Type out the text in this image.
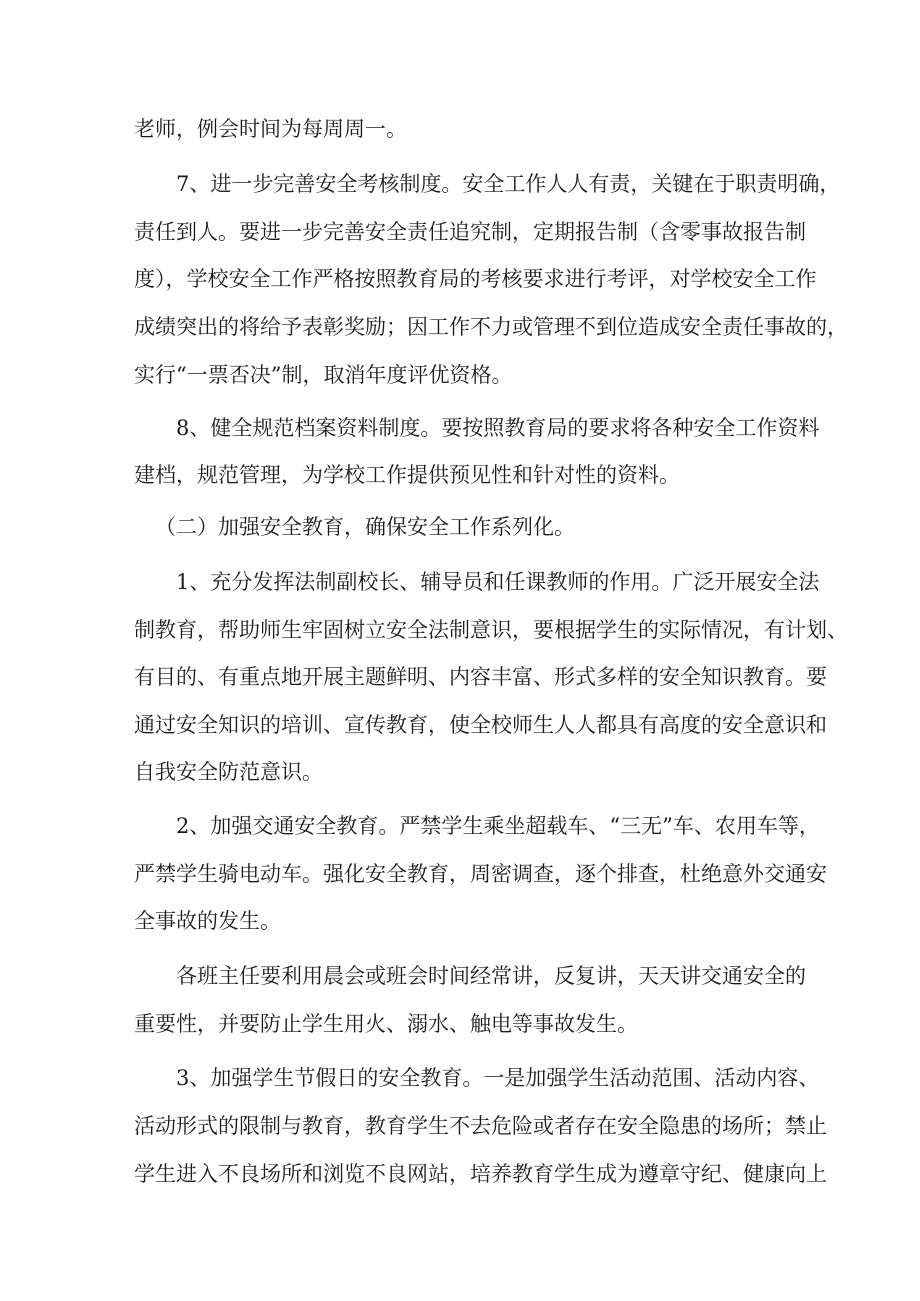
老师，例会时间为每周周一。
7、进一步完善安全考核制度。安全工作人人有责，关键在于职责明确，
责任到人。要进一步完善安全责任追究制，定期报告制（含零事故报告制
度），学校安全工作严格按照教育局的考核要求进行考评，对学校安全工作
成绩突出的将给予表彰奖励；因工作不力或管理不到位造成安全责任事故的，
实行“一票否决”制，取消年度评优资格。
8、健全规范档案资料制度。要按照教育局的要求将各种安全工作资料
建档，规范管理，为学校工作提供预见性和针对性的资料。
（二）加强安全教育，确保安全工作系列化。
1、充分发挥法制副校长、辅导员和任课教师的作用。广泛开展安全法
制教育，帮助师生牢固树立安全法制意识，要根据学生的实际情况，有计划、
有目的、有重点地开展主题鲜明、内容丰富、形式多样的安全知识教育。要
通过安全知识的培训、宣传教育，使全校师生人人都具有高度的安全意识和
自我安全防范意识。
2、加强交通安全教育。严禁学生乘坐超载车、“三无”车、农用车等，
严禁学生骑电动车。强化安全教育，周密调查，逐个排查，杜绝意外交通安
全事故的发生。
各班主任要利用晨会或班会时间经常讲，反复讲，天天讲交通安全的
重要性，并要防止学生用火、溺水、触电等事故发生。
3、加强学生节假日的安全教育。一是加强学生活动范围、活动内容、
活动形式的限制与教育，教育学生不去危险或者存在安全隐患的场所；禁止
学生进入不良场所和浏览不良网站，培养教育学生成为遵章守纪、健康向上
